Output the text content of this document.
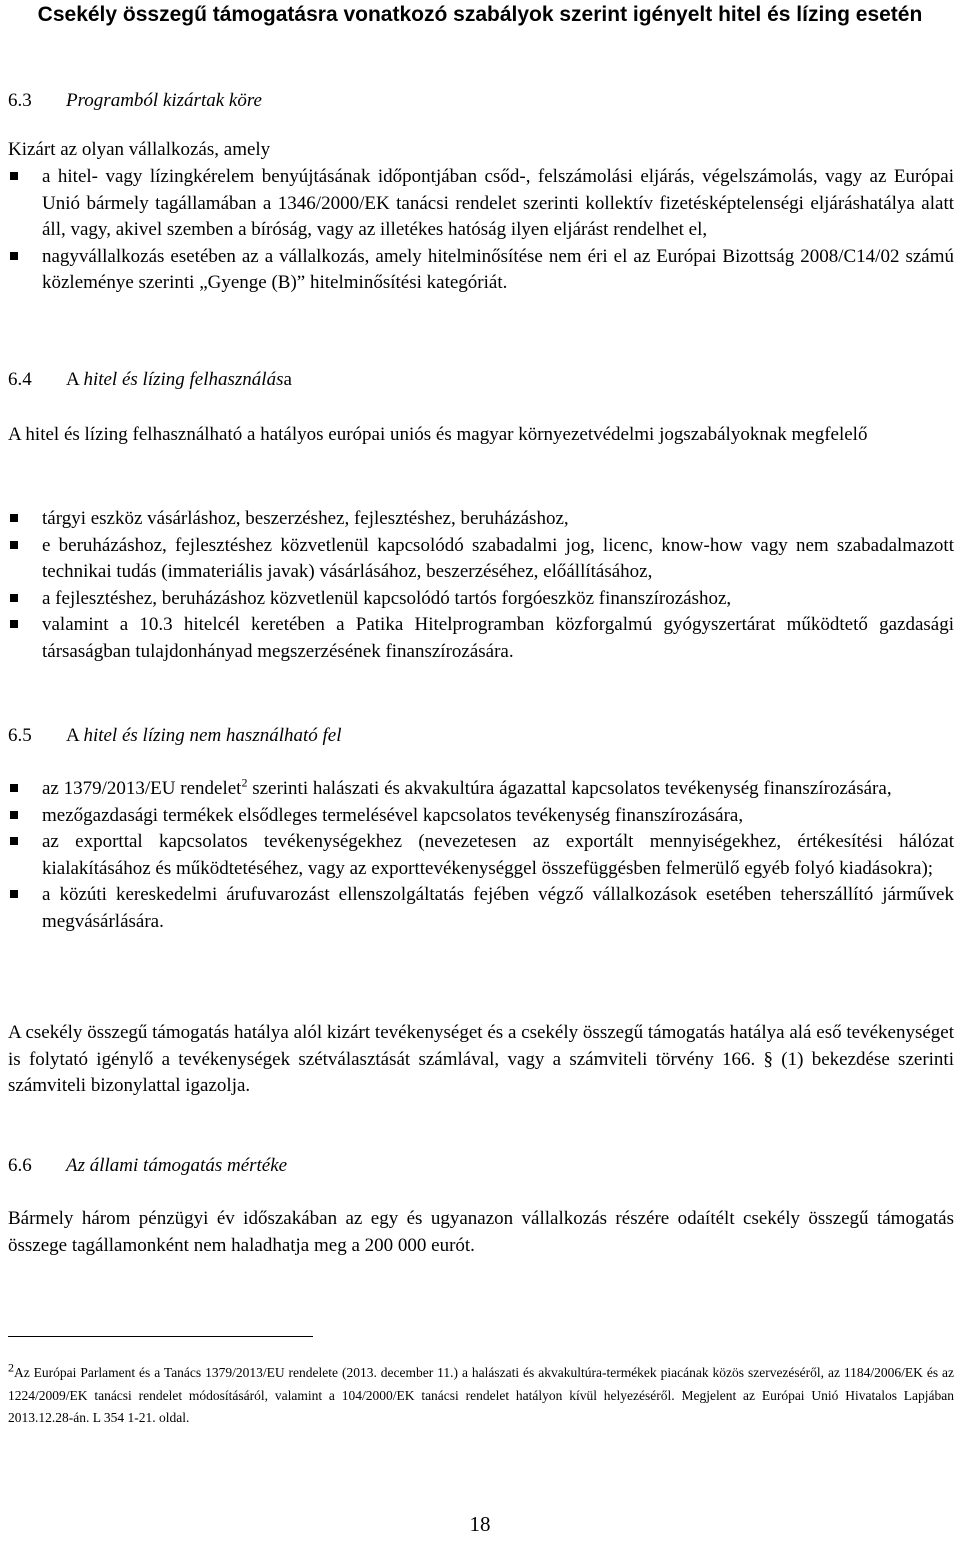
Csekély összegű támogatásra vonatkozó szabályok szerint igényelt hitel és lízing esetén
6.3 Programból kizártak köre
Kizárt az olyan vállalkozás, amely
a hitel- vagy lízingkérelem benyújtásának időpontjában csőd-, felszámolási eljárás, végelszámolás, vagy az Európai Unió bármely tagállamában a 1346/2000/EK tanácsi rendelet szerinti kollektív fizetésképtelenségi eljáráshatálya alatt áll, vagy, akivel szemben a bíróság, vagy az illetékes hatóság ilyen eljárást rendelhet el,
nagyvállalkozás esetében az a vállalkozás, amely hitelminősítése nem éri el az Európai Bizottság 2008/C14/02 számú közleménye szerinti „Gyenge (B)” hitelminősítési kategóriát.
6.4 A hitel és lízing felhasználása
A hitel és lízing felhasználható a hatályos európai uniós és magyar környezetvédelmi jogszabályoknak megfelelő
tárgyi eszköz vásárláshoz, beszerzéshez, fejlesztéshez, beruházáshoz,
e beruházáshoz, fejlesztéshez közvetlenül kapcsolódó szabadalmi jog, licenc, know-how vagy nem szabadalmazott technikai tudás (immateriális javak) vásárlásához, beszerzéséhez, előállításához,
a fejlesztéshez, beruházáshoz közvetlenül kapcsolódó tartós forgóeszköz finanszírozáshoz,
valamint a 10.3 hitelcél keretében a Patika Hitelprogramban közforgalmú gyógyszertárat működtető gazdasági társaságban tulajdonhányad megszerzésének finanszírozására.
6.5 A hitel és lízing nem használható fel
az 1379/2013/EU rendelet$^2$ szerinti halászati és akvakultúra ágazattal kapcsolatos tevékenység finanszírozására,
mezőgazdasági termékek elsődleges termelésével kapcsolatos tevékenység finanszírozására,
az exporttal kapcsolatos tevékenységekhez (nevezetesen az exportált mennyiségekhez, értékesítési hálózat kialakításához és működtetéséhez, vagy az exporttevékenységgel összefüggésben felmerülő egyéb folyó kiadásokra);
a közúti kereskedelmi árufuvarozást ellenszolgáltatás fejében végző vállalkozások esetében teherszállító járművek megvásárlására.
A csekély összegű támogatás hatálya alól kizárt tevékenységet és a csekély összegű támogatás hatálya alá eső tevékenységet is folytató igénylő a tevékenységek szétválasztását számlával, vagy a számviteli törvény 166. § (1) bekezdése szerinti számviteli bizonylattal igazolja.
6.6 Az állami támogatás mértéke
Bármely három pénzügyi év időszakában az egy és ugyanazon vállalkozás részére odaítélt csekély összegű támogatás összege tagállamonként nem haladhatja meg a 200 000 eurót.
$^2$Az Európai Parlament és a Tanács 1379/2013/EU rendelete (2013. december 11.) a halászati és akvakultúra-termékek piacának közös szervezéséről, az 1184/2006/EK és az 1224/2009/EK tanácsi rendelet módosításáról, valamint a 104/2000/EK tanácsi rendelet hatályon kívül helyezéséről. Megjelent az Európai Unió Hivatalos Lapjában 2013.12.28-án. L 354 1-21. oldal.
18
